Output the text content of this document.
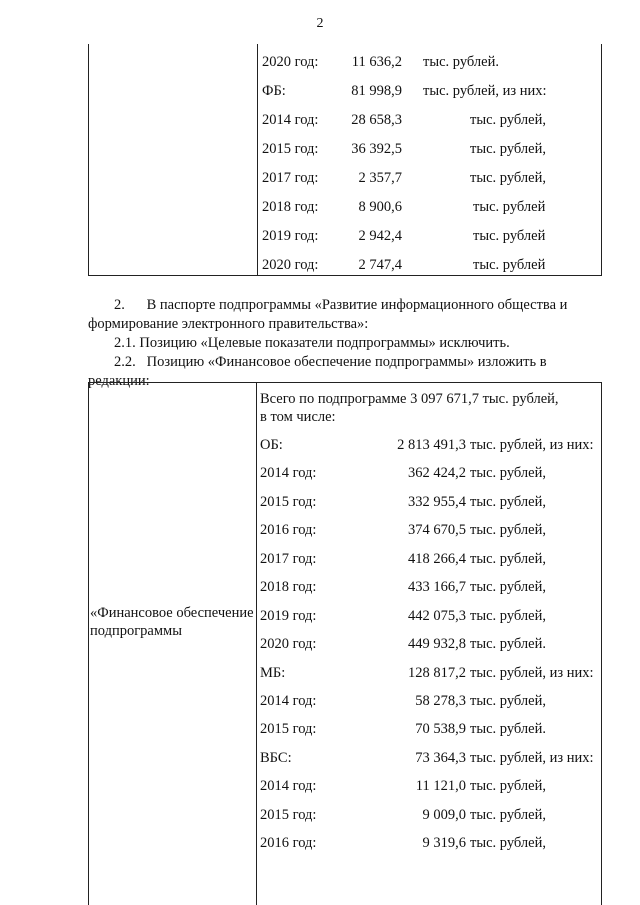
2
2020 год: 11 636,2 тыс. рублей.
ФБ:	81 998,9 тыс. рублей, из них:
2014 год: 28 658,3	тыс. рублей,
2015 год: 36 392,5	тыс. рублей,
2017 год:	2 357,7	тыс. рублей,
2018 год:	8 900,6	тыс. рублей
2019 год:	2 942,4	тыс. рублей
2020 год:	2 747,4	тыс. рублей
2.      В паспорте подпрограммы «Развитие информационного общества и
формирование электронного правительства»:
2.1. Позицию «Целевые показатели подпрограммы» исключить.
2.2.   Позицию «Финансовое обеспечение подпрограммы» изложить в
редакции:
«Финансовое обеспечение
подпрограммы
Всего по подпрограмме 3 097 671,7 тыс. рублей,
в том числе:
ОБ:	2 813 491,3 тыс. рублей, из них:
2014 год:	362 424,2 тыс. рублей,
2015 год:	332 955,4 тыс. рублей,
2016 год:	374 670,5 тыс. рублей,
2017 год:	418 266,4 тыс. рублей,
2018 год:	433 166,7 тыс. рублей,
2019 год:	442 075,3 тыс. рублей,
2020 год:	449 932,8 тыс. рублей.
МБ:	128 817,2 тыс. рублей, из них:
2014 год:	58 278,3 тыс. рублей,
2015 год:	70 538,9 тыс. рублей.
ВБС:	73 364,3 тыс. рублей, из них:
2014 год:	11 121,0 тыс. рублей,
2015 год:	9 009,0 тыс. рублей,
2016 год:	9 319,6 тыс. рублей,
